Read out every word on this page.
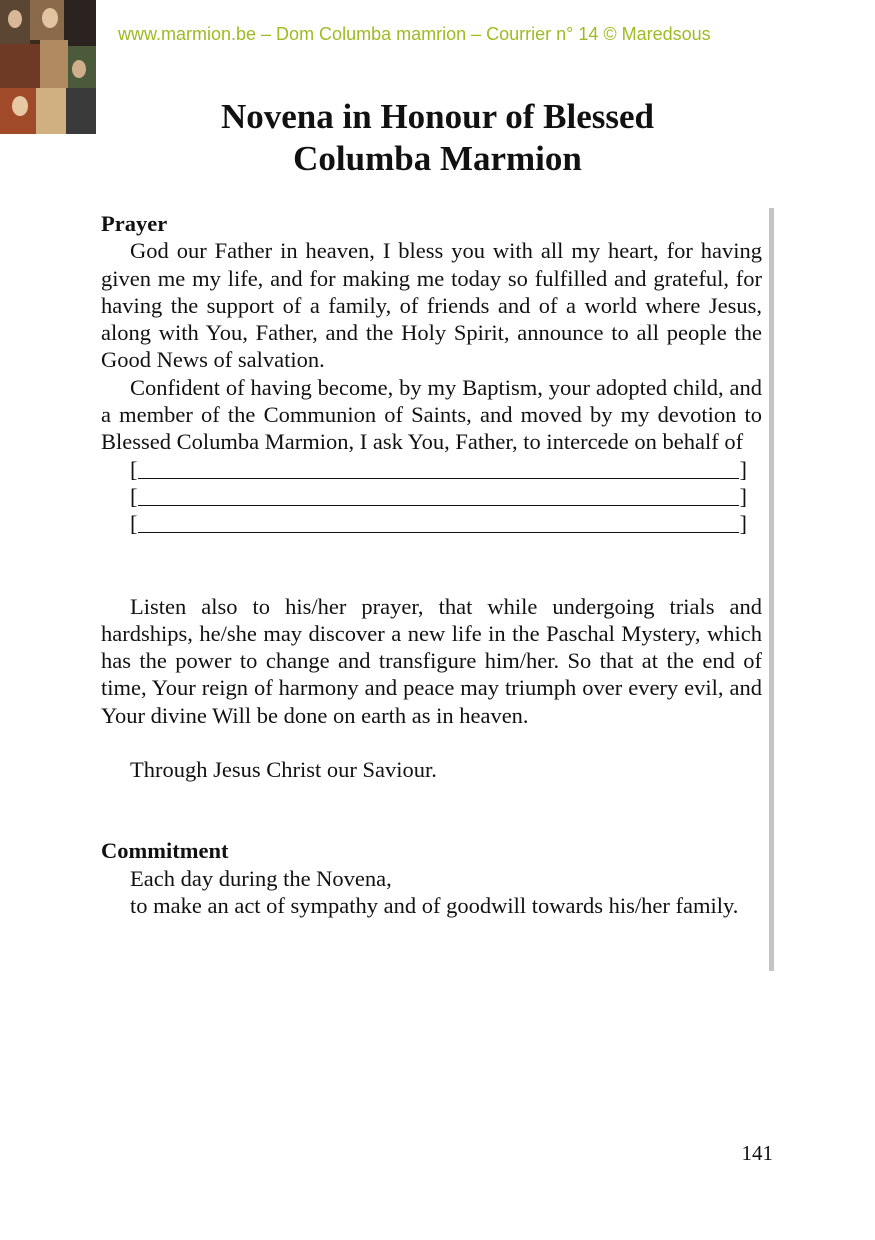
www.marmion.be – Dom Columba mamrion – Courrier n° 14 © Maredsous
Novena in Honour of Blessed
Columba Marmion

Prayer

God our Father in heaven, I bless you with all my heart, for having given me my life, and for making me today so fulfilled and grateful, for having the support of a family, of friends and of a world where Jesus, along with You, Father, and the Holy Spirit, announce to all people the Good News of salvation.

Confident of having become, by my Baptism, your adopted child, and a member of the Communion of Saints, and moved by my devotion to Blessed Columba Marmion, I ask You, Father, to intercede on behalf of

[	]
[	]
[	]

Listen also to his/her prayer, that while undergoing trials and hardships, he/she may discover a new life in the Paschal Mystery, which has the power to change and transfigure him/her. So that at the end of time, Your reign of harmony and peace may triumph over every evil, and Your divine Will be done on earth as in heaven.

Through Jesus Christ our Saviour.

Commitment

Each day during the Novena,

to make an act of sympathy and of goodwill towards his/her family.

141
